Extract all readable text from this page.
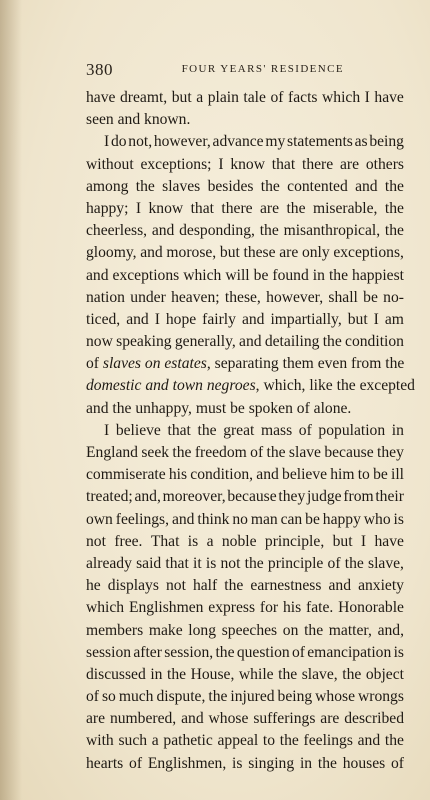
380	FOUR YEARS' RESIDENCE
have dreamt, but a plain tale of facts which I have
seen and known.
I do not, however, advance my statements as being
without exceptions; I know that there are others
among the slaves besides the contented and the
happy; I know that there are the miserable, the
cheerless, and desponding, the misanthropical, the
gloomy, and morose, but these are only exceptions,
and exceptions which will be found in the happiest
nation under heaven; these, however, shall be no-
ticed, and I hope fairly and impartially, but I am
now speaking generally, and detailing the condition
of slaves on estates , separating them even from the
domestic and town negroes , which, like the excepted
and the unhappy, must be spoken of alone.
I believe that the great mass of population in
England seek the freedom of the slave because they
commiserate his condition, and believe him to be ill
treated; and, moreover, because they judge from their
own feelings, and think no man can be happy who is
not free. That is a noble principle, but I have
already said that it is not the principle of the slave,
he displays not half the earnestness and anxiety
which Englishmen express for his fate. Honorable
members make long speeches on the matter, and,
session after session, the question of emancipation is
discussed in the House, while the slave, the object
of so much dispute, the injured being whose wrongs
are numbered, and whose sufferings are described
with such a pathetic appeal to the feelings and the
hearts of Englishmen, is singing in the houses of
